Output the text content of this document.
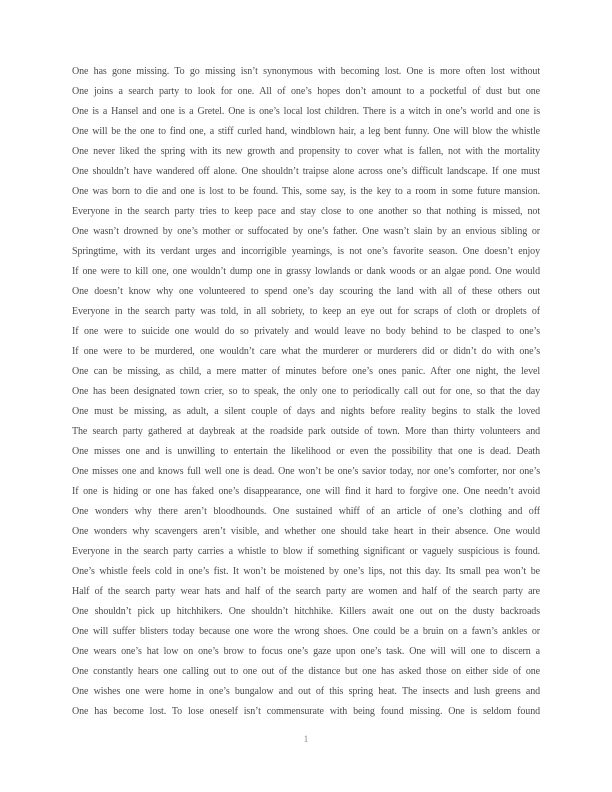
One has gone missing. To go missing isn’t synonymous with becoming lost. One is more often lost without
One joins a search party to look for one. All of one’s hopes don’t amount to a pocketful of dust but one
One is a Hansel and one is a Gretel. One is one’s local lost children. There is a witch in one’s world and one is
One will be the one to find one, a stiff curled hand, windblown hair, a leg bent funny. One will blow the whistle
One never liked the spring with its new growth and propensity to cover what is fallen, not with the mortality
One shouldn’t have wandered off alone. One shouldn’t traipse alone across one’s difficult landscape. If one must
One was born to die and one is lost to be found. This, some say, is the key to a room in some future mansion.
Everyone in the search party tries to keep pace and stay close to one another so that nothing is missed, not
One wasn’t drowned by one’s mother or suffocated by one’s father. One wasn’t slain by an envious sibling or
Springtime, with its verdant urges and incorrigible yearnings, is not one’s favorite season. One doesn’t enjoy
If one were to kill one, one wouldn’t dump one in grassy lowlands or dank woods or an algae pond. One would
One doesn’t know why one volunteered to spend one’s day scouring the land with all of these others out
Everyone in the search party was told, in all sobriety, to keep an eye out for scraps of cloth or droplets of
If one were to suicide one would do so privately and would leave no body behind to be clasped to one’s
If one were to be murdered, one wouldn’t care what the murderer or murderers did or didn’t do with one’s
One can be missing, as child, a mere matter of minutes before one’s ones panic. After one night, the level
One has been designated town crier, so to speak, the only one to periodically call out for one, so that the day
One must be missing, as adult, a silent couple of days and nights before reality begins to stalk the loved
The search party gathered at daybreak at the roadside park outside of town. More than thirty volunteers and
One misses one and is unwilling to entertain the likelihood or even the possibility that one is dead. Death
One misses one and knows full well one is dead. One won’t be one’s savior today, nor one’s comforter, nor one’s
If one is hiding or one has faked one’s disappearance, one will find it hard to forgive one. One needn’t avoid
One wonders why there aren’t bloodhounds. One sustained whiff of an article of one’s clothing and off
One wonders why scavengers aren’t visible, and whether one should take heart in their absence. One would
Everyone in the search party carries a whistle to blow if something significant or vaguely suspicious is found.
One’s whistle feels cold in one’s fist. It won’t be moistened by one’s lips, not this day. Its small pea won’t be
Half of the search party wear hats and half of the search party are women and half of the search party are
One shouldn’t pick up hitchhikers. One shouldn’t hitchhike. Killers await one out on the dusty backroads
One will suffer blisters today because one wore the wrong shoes. One could be a bruin on a fawn’s ankles or
One wears one’s hat low on one’s brow to focus one’s gaze upon one’s task. One will will one to discern a
One constantly hears one calling out to one out of the distance but one has asked those on either side of one
One wishes one were home in one’s bungalow and out of this spring heat. The insects and lush greens and
One has become lost. To lose oneself isn’t commensurate with being found missing. One is seldom found
1
